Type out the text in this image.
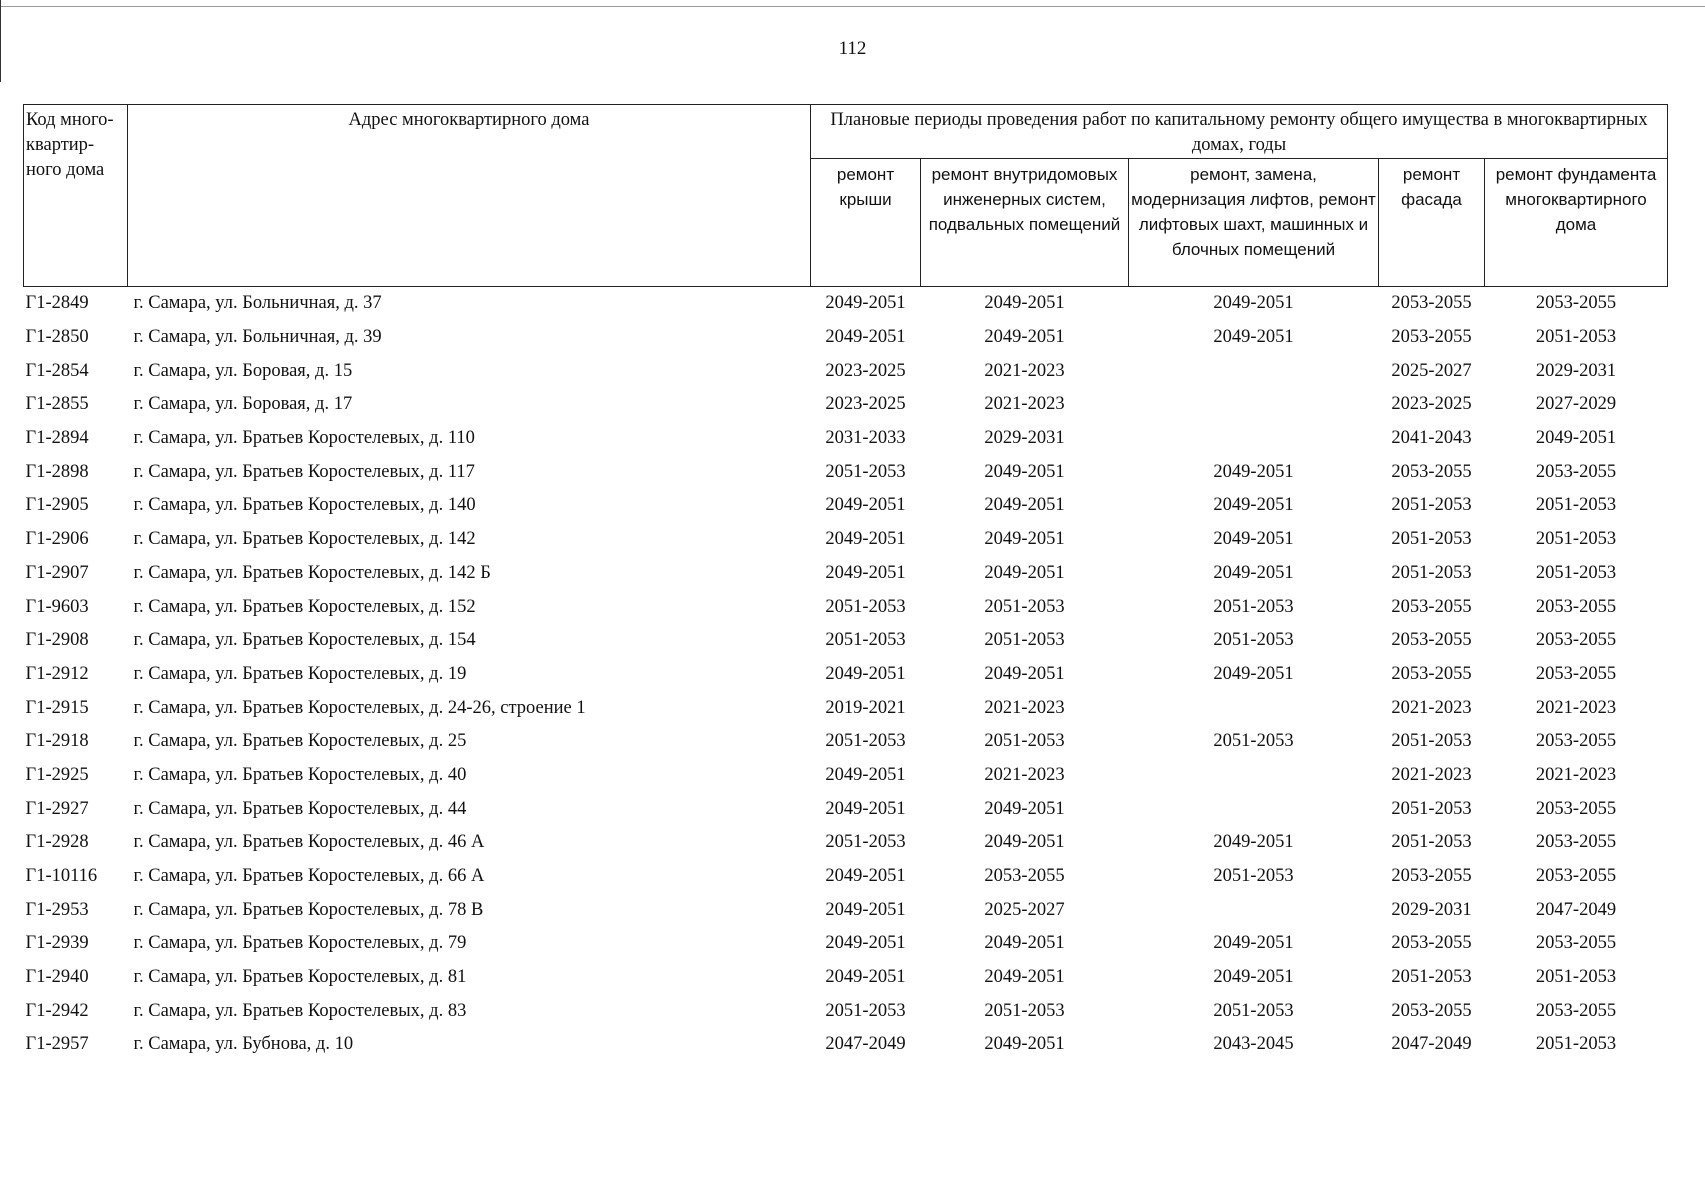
112
Код много-квартир-ного дома	Адрес многоквартирного дома	Плановые периоды проведения работ по капитальному ремонту общего имущества в многоквартирных домах, годы				
		ремонт крыши	ремонт внутридомовых инженерных систем, подвальных помещений	ремонт, замена, модернизация лифтов, ремонт лифтовых шахт, машинных и блочных помещений	ремонт фасада	ремонт фундамента многоквартирного дома
Г1-2849	г. Самара, ул. Больничная, д. 37	2049-2051	2049-2051	2049-2051	2053-2055	2053-2055
Г1-2850	г. Самара, ул. Больничная, д. 39	2049-2051	2049-2051	2049-2051	2053-2055	2051-2053
Г1-2854	г. Самара, ул. Боровая, д. 15	2023-2025	2021-2023		2025-2027	2029-2031
Г1-2855	г. Самара, ул. Боровая, д. 17	2023-2025	2021-2023		2023-2025	2027-2029
Г1-2894	г. Самара, ул. Братьев Коростелевых, д. 110	2031-2033	2029-2031		2041-2043	2049-2051
Г1-2898	г. Самара, ул. Братьев Коростелевых, д. 117	2051-2053	2049-2051	2049-2051	2053-2055	2053-2055
Г1-2905	г. Самара, ул. Братьев Коростелевых, д. 140	2049-2051	2049-2051	2049-2051	2051-2053	2051-2053
Г1-2906	г. Самара, ул. Братьев Коростелевых, д. 142	2049-2051	2049-2051	2049-2051	2051-2053	2051-2053
Г1-2907	г. Самара, ул. Братьев Коростелевых, д. 142 Б	2049-2051	2049-2051	2049-2051	2051-2053	2051-2053
Г1-9603	г. Самара, ул. Братьев Коростелевых, д. 152	2051-2053	2051-2053	2051-2053	2053-2055	2053-2055
Г1-2908	г. Самара, ул. Братьев Коростелевых, д. 154	2051-2053	2051-2053	2051-2053	2053-2055	2053-2055
Г1-2912	г. Самара, ул. Братьев Коростелевых, д. 19	2049-2051	2049-2051	2049-2051	2053-2055	2053-2055
Г1-2915	г. Самара, ул. Братьев Коростелевых, д. 24-26, строение 1	2019-2021	2021-2023		2021-2023	2021-2023
Г1-2918	г. Самара, ул. Братьев Коростелевых, д. 25	2051-2053	2051-2053	2051-2053	2051-2053	2053-2055
Г1-2925	г. Самара, ул. Братьев Коростелевых, д. 40	2049-2051	2021-2023		2021-2023	2021-2023
Г1-2927	г. Самара, ул. Братьев Коростелевых, д. 44	2049-2051	2049-2051		2051-2053	2053-2055
Г1-2928	г. Самара, ул. Братьев Коростелевых, д. 46 А	2051-2053	2049-2051	2049-2051	2051-2053	2053-2055
Г1-10116	г. Самара, ул. Братьев Коростелевых, д. 66 А	2049-2051	2053-2055	2051-2053	2053-2055	2053-2055
Г1-2953	г. Самара, ул. Братьев Коростелевых, д. 78 В	2049-2051	2025-2027		2029-2031	2047-2049
Г1-2939	г. Самара, ул. Братьев Коростелевых, д. 79	2049-2051	2049-2051	2049-2051	2053-2055	2053-2055
Г1-2940	г. Самара, ул. Братьев Коростелевых, д. 81	2049-2051	2049-2051	2049-2051	2051-2053	2051-2053
Г1-2942	г. Самара, ул. Братьев Коростелевых, д. 83	2051-2053	2051-2053	2051-2053	2053-2055	2053-2055
Г1-2957	г. Самара, ул. Бубнова, д. 10	2047-2049	2049-2051	2043-2045	2047-2049	2051-2053
